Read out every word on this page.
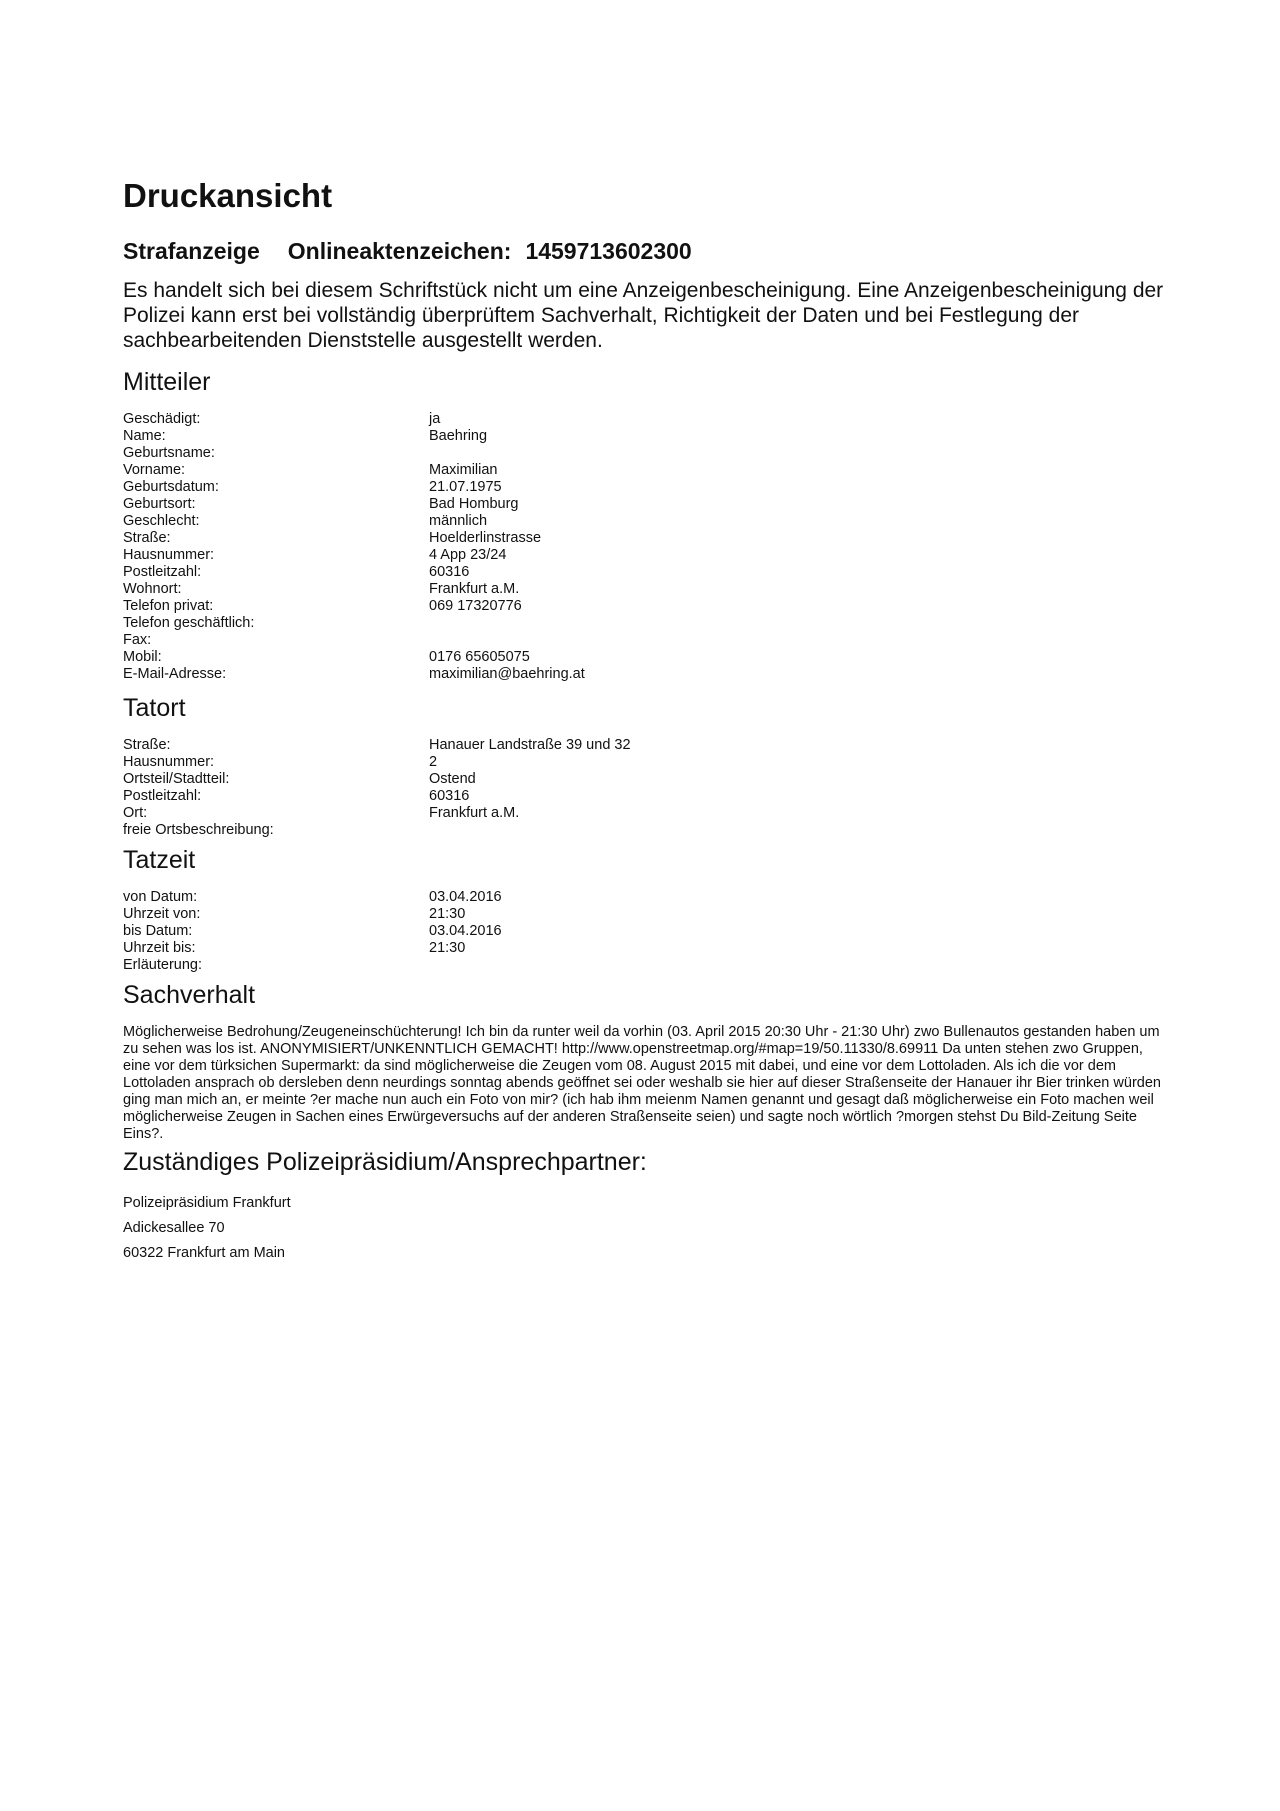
Druckansicht
Strafanzeige Onlineaktenzeichen: 1459713602300

Es handelt sich bei diesem Schriftstück nicht um eine Anzeigenbescheinigung. Eine Anzeigenbescheinigung der Polizei kann erst bei vollständig überprüftem Sachverhalt, Richtigkeit der Daten und bei Festlegung der sachbearbeitenden Dienststelle ausgestellt werden.

Mitteiler
Geschädigt:	ja
Name:	Baehring
Geburtsname:
Vorname:	Maximilian
Geburtsdatum:	21.07.1975
Geburtsort:	Bad Homburg
Geschlecht:	männlich
Straße:	Hoelderlinstrasse
Hausnummer:	4 App 23/24
Postleitzahl:	60316
Wohnort:	Frankfurt a.M.
Telefon privat:	069 17320776
Telefon geschäftlich:
Fax:
Mobil:	0176 65605075
E-Mail-Adresse:	maximilian@baehring.at
Tatort
Straße:	Hanauer Landstraße 39 und 32
Hausnummer:	2
Ortsteil/Stadtteil:	Ostend
Postleitzahl:	60316
Ort:	Frankfurt a.M.
freie Ortsbeschreibung:
Tatzeit
von Datum:	03.04.2016
Uhrzeit von:	21:30
bis Datum:	03.04.2016
Uhrzeit bis:	21:30
Erläuterung:
Sachverhalt

Möglicherweise Bedrohung/Zeugeneinschüchterung! Ich bin da runter weil da vorhin (03. April 2015 20:30 Uhr - 21:30 Uhr) zwo Bullenautos gestanden haben um zu sehen was los ist. ANONYMISIERT/UNKENNTLICH GEMACHT! http://www.openstreetmap.org/#map=19/50.11330/8.69911 Da unten stehen zwo Gruppen, eine vor dem türksichen Supermarkt: da sind möglicherweise die Zeugen vom 08. August 2015 mit dabei, und eine vor dem Lottoladen. Als ich die vor dem Lottoladen ansprach ob dersleben denn neurdings sonntag abends geöffnet sei oder weshalb sie hier auf dieser Straßenseite der Hanauer ihr Bier trinken würden ging man mich an, er meinte ?er mache nun auch ein Foto von mir? (ich hab ihm meienm Namen genannt und gesagt daß möglicherweise ein Foto machen weil möglicherweise Zeugen in Sachen eines Erwürgeversuchs auf der anderen Straßenseite seien) und sagte noch wörtlich ?morgen stehst Du Bild-Zeitung Seite Eins?.

Zuständiges Polizeipräsidium/Ansprechpartner:
Polizeipräsidium Frankfurt
Adickesallee 70
60322 Frankfurt am Main
